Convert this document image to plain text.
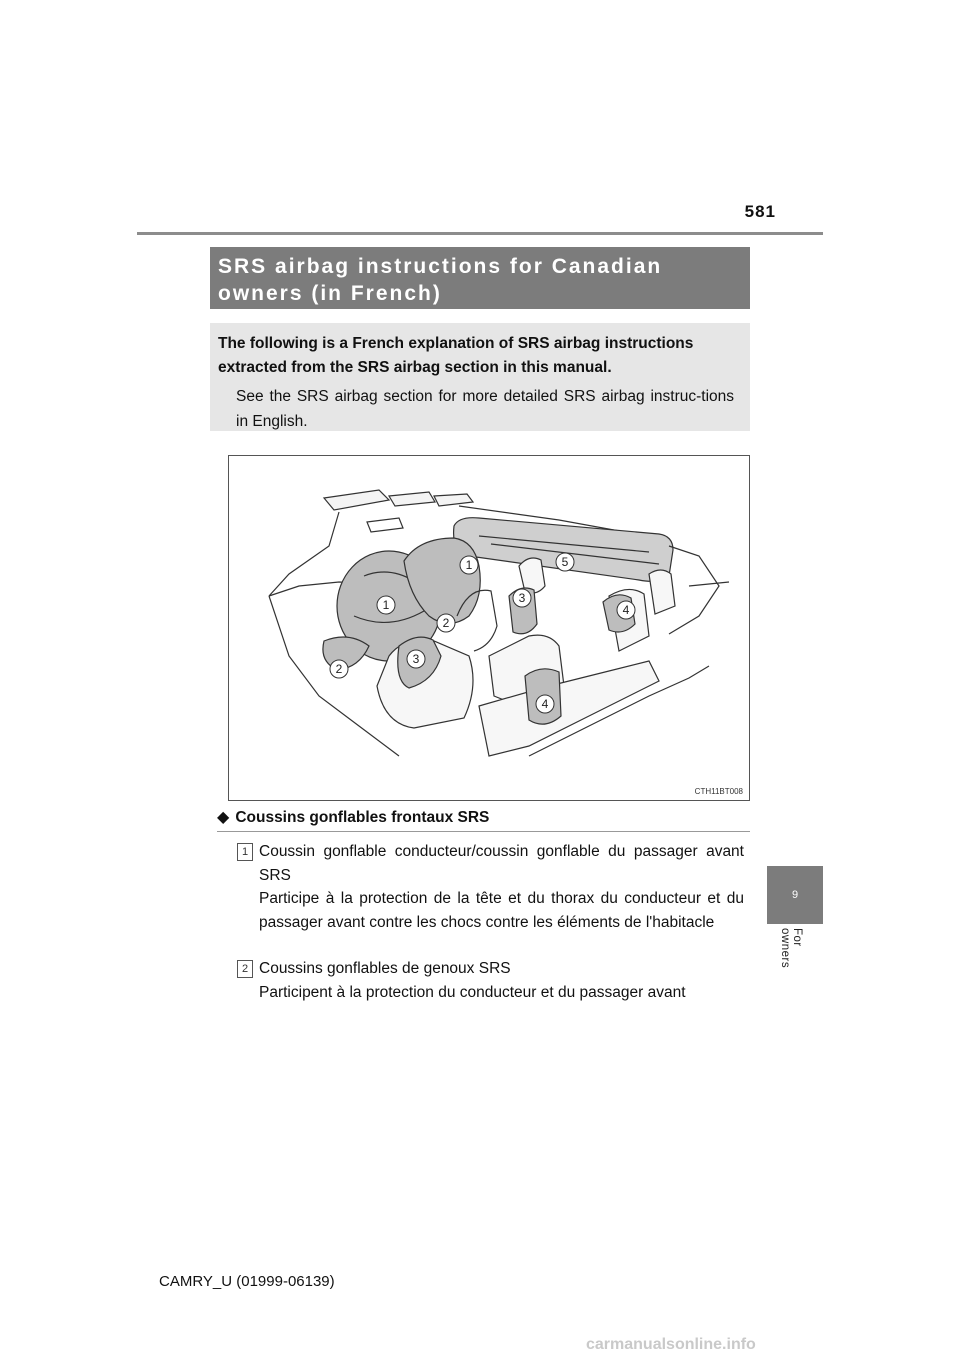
581
SRS airbag instructions for Canadian
owners (in French)
The following is a French explanation of SRS airbag instructions extracted from the SRS airbag section in this manual.
See the SRS airbag section for more detailed SRS airbag instruc-tions in English.
1
1
2
2
3
3
4
4
5
CTH11BT008
◆ Coussins gonflables frontaux SRS
1 Coussin gonflable conducteur/coussin gonflable du passager avant SRS
Participe à la protection de la tête et du thorax du conducteur et du passager avant contre les chocs contre les éléments de l'habitacle
2 Coussins gonflables de genoux SRS
Participent à la protection du conducteur et du passager avant
9
For owners
CAMRY_U (01999-06139)
carmanualsonline.info
